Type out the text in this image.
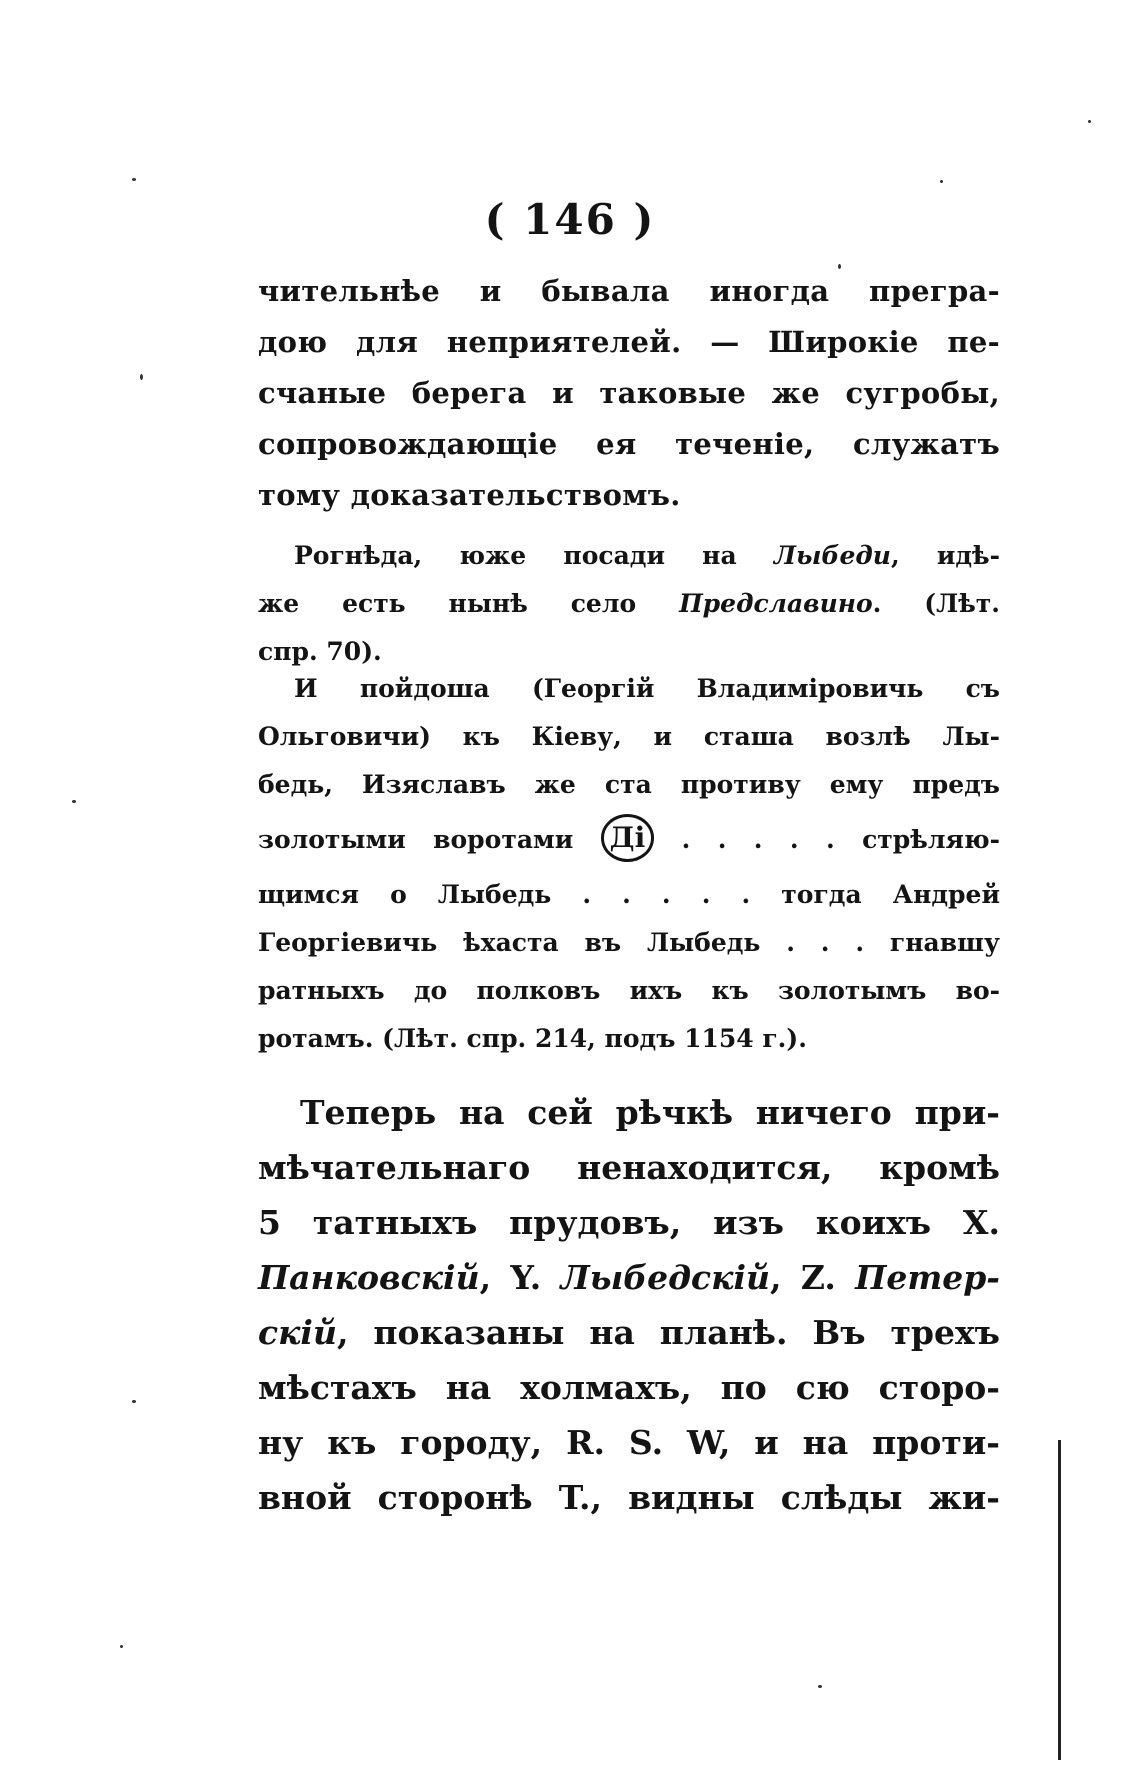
( 146 )
чительнѣе и бывала иногда прегра-
дою для неприятелей. — Широкіе пе-
счаные берега и таковые же сугробы,
сопровождающіе ея теченіе, служатъ
тому доказательствомъ.
Рогнѣда, юже посади на Лыбеди, идѣ-
же есть нынѣ село Предславино. (Лѣт.
спр. 70).
И пойдоша (Георгій Владиміровичь съ
Ольговичи) къ Кіеву, и сташа возлѣ Лы-
бедь, Изяславъ же ста противу ему предъ
золотыми воротами Дi . . . . . стрѣляю-
щимся о Лыбедь . . . . . тогда Андрей
Георгіевичь ѣхаста въ Лыбедь . . . гнавшу
ратныхъ до полковъ ихъ къ золотымъ во-
ротамъ. (Лѣт. спр. 214, подъ 1154 г.).
Теперь на сей рѣчкѣ ничего при-
мѣчательнаго ненаходится, кромѣ
5 татныхъ прудовъ, изъ коихъ X.
Панковскій, Y. Лыбедскій, Z. Петер-
скій, показаны на планѣ. Въ трехъ
мѣстахъ на холмахъ, по сю сторо-
ну къ городу, R. S. W, и на проти-
вной сторонѣ T., видны слѣды жи-
